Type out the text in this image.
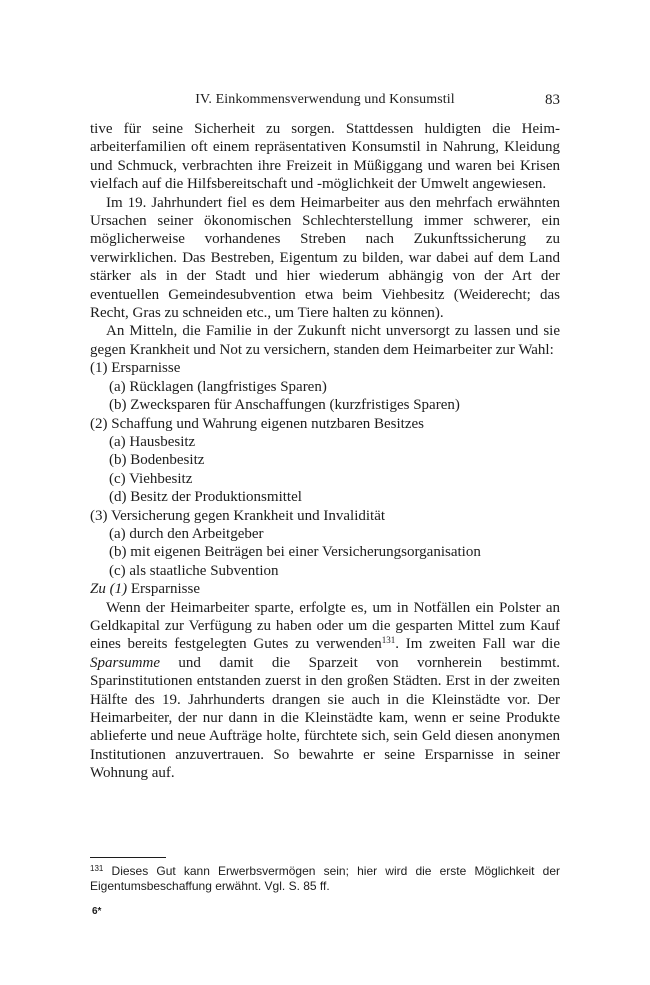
IV. Einkommensverwendung und Konsumstil	83

tive für seine Sicherheit zu sorgen. Stattdessen huldigten die Heim-arbeiterfamilien oft einem repräsentativen Konsumstil in Nahrung, Kleidung und Schmuck, verbrachten ihre Freizeit in Müßiggang und waren bei Krisen vielfach auf die Hilfsbereitschaft und -möglichkeit der Umwelt angewiesen.

Im 19. Jahrhundert fiel es dem Heimarbeiter aus den mehrfach erwähnten Ursachen seiner ökonomischen Schlechterstellung immer schwerer, ein möglicherweise vorhandenes Streben nach Zukunftssicherung zu verwirklichen. Das Bestreben, Eigentum zu bilden, war dabei auf dem Land stärker als in der Stadt und hier wiederum abhängig von der Art der eventuellen Gemeindesubvention etwa beim Viehbesitz (Weiderecht; das Recht, Gras zu schneiden etc., um Tiere halten zu können).

An Mitteln, die Familie in der Zukunft nicht unversorgt zu lassen und sie gegen Krankheit und Not zu versichern, standen dem Heimarbeiter zur Wahl:

(1) Ersparnisse
(a) Rücklagen (langfristiges Sparen)
(b) Zwecksparen für Anschaffungen (kurzfristiges Sparen)
(2) Schaffung und Wahrung eigenen nutzbaren Besitzes
(a) Hausbesitz
(b) Bodenbesitz
(c) Viehbesitz
(d) Besitz der Produktionsmittel
(3) Versicherung gegen Krankheit und Invalidität
(a) durch den Arbeitgeber
(b) mit eigenen Beiträgen bei einer Versicherungsorganisation
(c) als staatliche Subvention

Zu (1) Ersparnisse

Wenn der Heimarbeiter sparte, erfolgte es, um in Notfällen ein Polster an Geldkapital zur Verfügung zu haben oder um die gesparten Mittel zum Kauf eines bereits festgelegten Gutes zu verwenden$^{131}$. Im zweiten Fall war die Sparsumme und damit die Sparzeit von vornherein bestimmt. Sparinstitutionen entstanden zuerst in den großen Städten. Erst in der zweiten Hälfte des 19. Jahrhunderts drangen sie auch in die Kleinstädte vor. Der Heimarbeiter, der nur dann in die Kleinstädte kam, wenn er seine Produkte ablieferte und neue Aufträge holte, fürchtete sich, sein Geld diesen anonymen Institutionen anzuvertrauen. So bewahrte er seine Ersparnisse in seiner Wohnung auf.

$^{131}$ Dieses Gut kann Erwerbsvermögen sein; hier wird die erste Möglichkeit der Eigentumsbeschaffung erwähnt. Vgl. S. 85 ff.
6*
